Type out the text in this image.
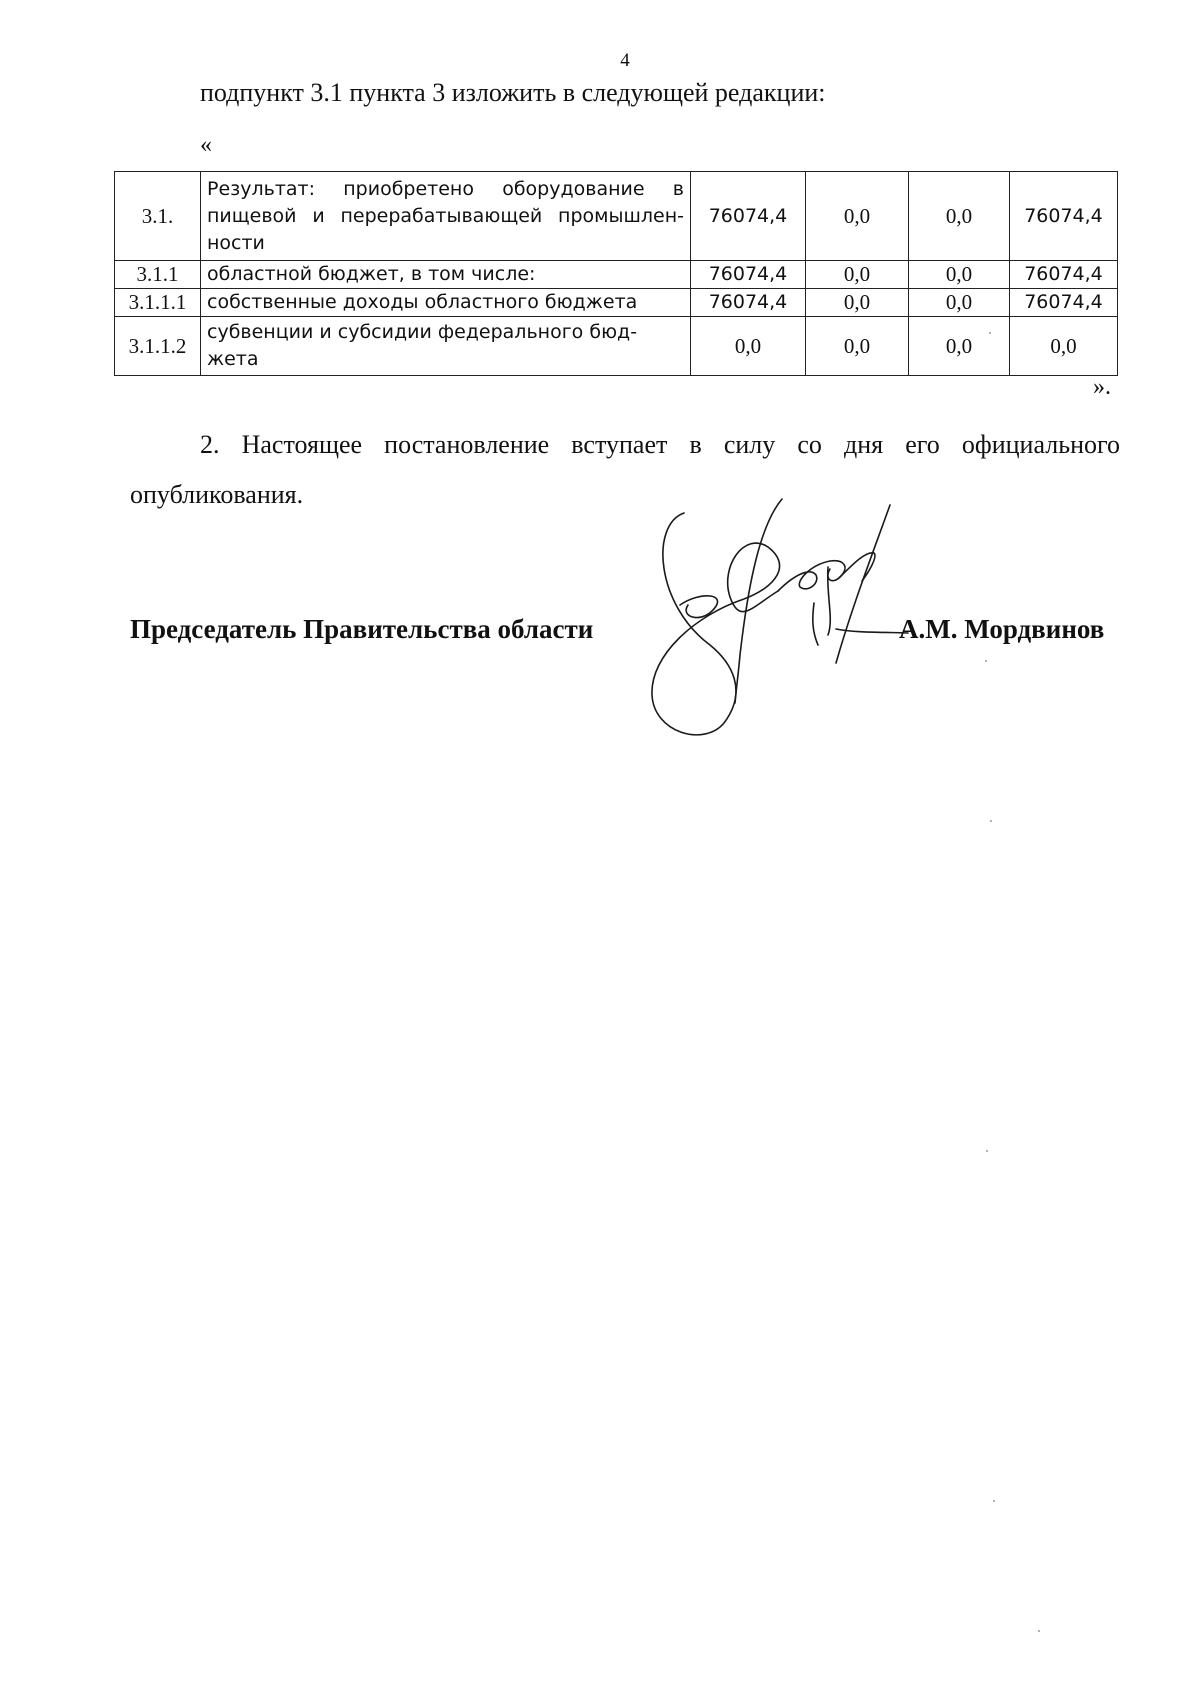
4
подпункт 3.1 пункта 3 изложить в следующей редакции:
«
3.1.	Результат: приобретено оборудование в пищевой и перерабатывающей промышлен-ности	76074,4	0,0	0,0	76074,4
3.1.1	областной бюджет, в том числе:	76074,4	0,0	0,0	76074,4
3.1.1.1	собственные доходы областного бюджета	76074,4	0,0	0,0	76074,4
3.1.1.2	субвенции и субсидии федерального бюд-жета	0,0	0,0	0,0	0,0
».
2. Настоящее постановление вступает в силу со дня его официального опубликования.
Председатель Правительства области	А.М. Мордвинов
